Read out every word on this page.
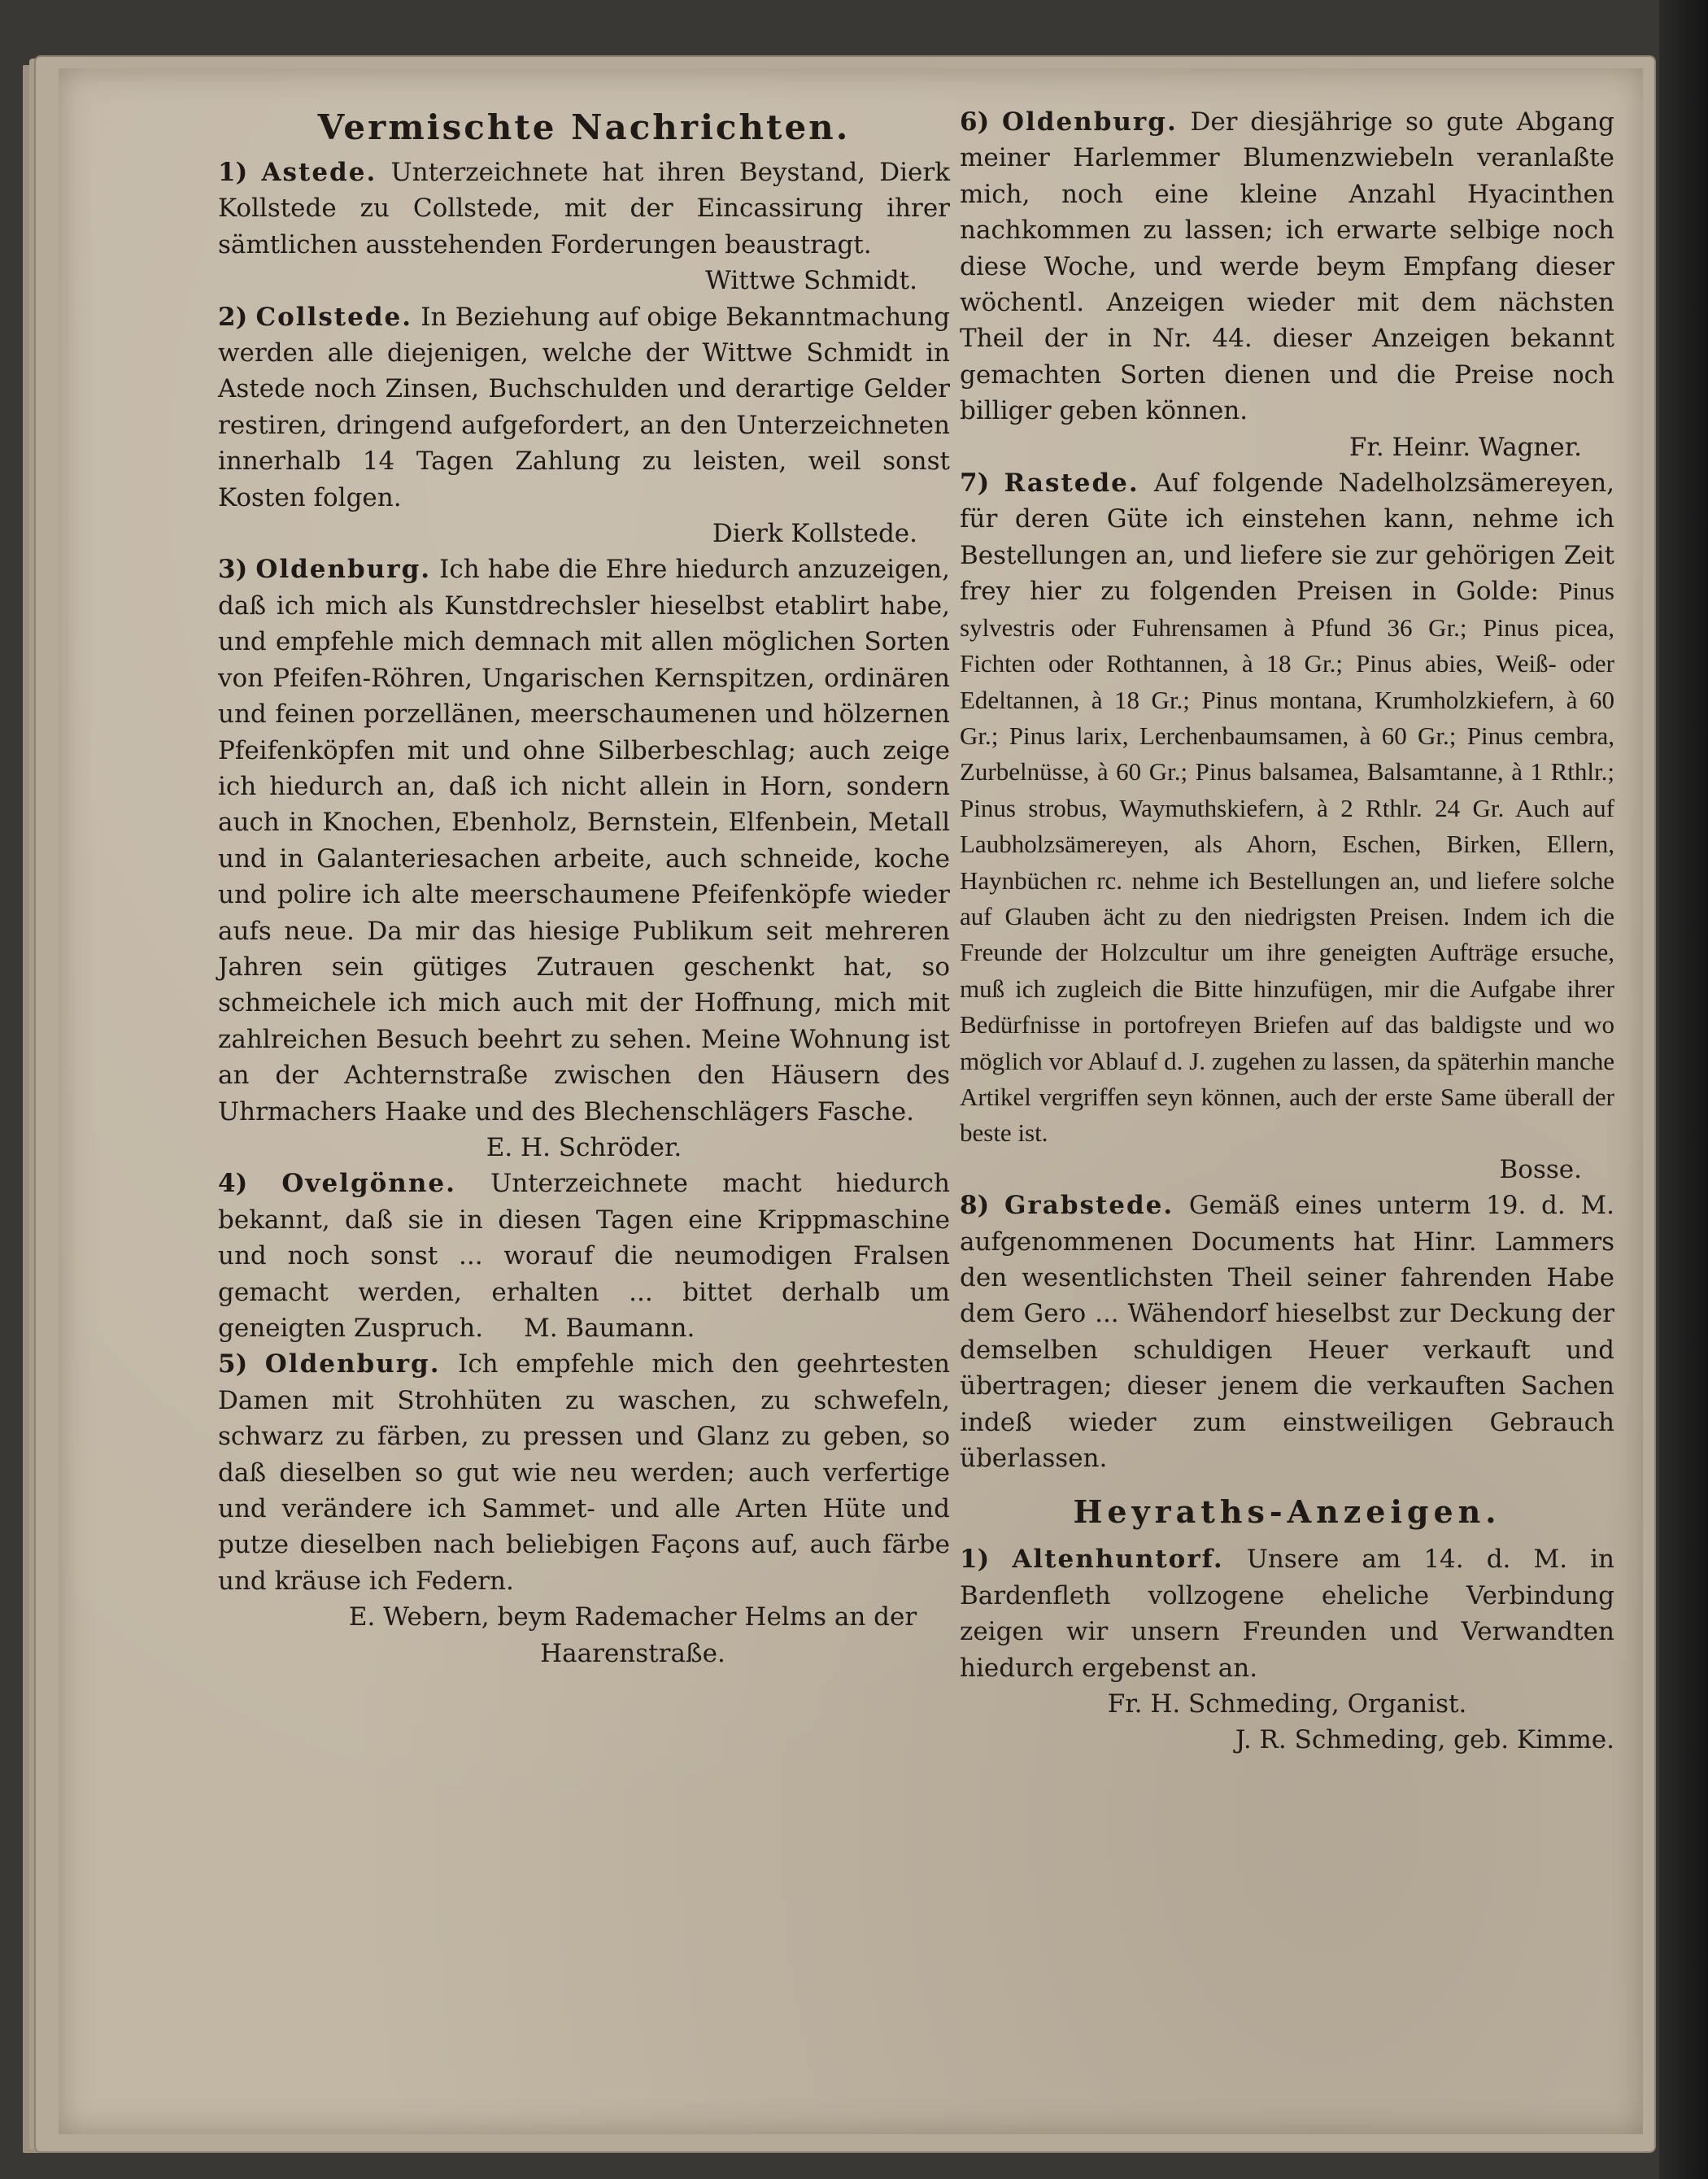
Vermischte Nachrichten.

1) Astede. Unterzeichnete hat ihren Beystand, Dierk Kollstede zu Collstede, mit der Eincassirung ihrer sämtlichen ausstehenden Forderungen beaustragt.

Wittwe Schmidt.

2) Collstede. In Beziehung auf obige Bekanntmachung werden alle diejenigen, welche der Wittwe Schmidt in Astede noch Zinsen, Buchschulden und derartige Gelder restiren, dringend aufgefordert, an den Unterzeichneten innerhalb 14 Tagen Zahlung zu leisten, weil sonst Kosten folgen.

Dierk Kollstede.

3) Oldenburg. Ich habe die Ehre hiedurch anzuzeigen, daß ich mich als Kunstdrechsler hieselbst etablirt habe, und empfehle mich demnach mit allen möglichen Sorten von Pfeifen-Röhren, Ungarischen Kernspitzen, ordinären und feinen porzellänen, meerschaumenen und hölzernen Pfeifenköpfen mit und ohne Silberbeschlag; auch zeige ich hiedurch an, daß ich nicht allein in Horn, sondern auch in Knochen, Ebenholz, Bernstein, Elfenbein, Metall und in Galanteriesachen arbeite, auch schneide, koche und polire ich alte meerschaumene Pfeifenköpfe wieder aufs neue. Da mir das hiesige Publikum seit mehreren Jahren sein gütiges Zutrauen geschenkt hat, so schmeichele ich mich auch mit der Hoffnung, mich mit zahlreichen Besuch beehrt zu sehen. Meine Wohnung ist an der Achternstraße zwischen den Häusern des Uhrmachers Haake und des Blechenschlägers Fasche.

E. H. Schröder.

4) Ovelgönne. Unterzeichnete macht hiedurch bekannt, daß sie in diesen Tagen eine Krippmaschine und noch sonst ... worauf die neumodigen Fralsen gemacht werden, erhalten ... bittet derhalb um geneigten Zuspruch. M. Baumann.

5) Oldenburg. Ich empfehle mich den geehrtesten Damen mit Strohhüten zu waschen, zu schwefeln, schwarz zu färben, zu pressen und Glanz zu geben, so daß dieselben so gut wie neu werden; auch verfertige und verändere ich Sammet- und alle Arten Hüte und putze dieselben nach beliebigen Façons auf, auch färbe und kräuse ich Federn.

E. Webern, beym Rademacher Helms an der Haarenstraße.

6) Oldenburg. Der diesjährige so gute Abgang meiner Harlemmer Blumenzwiebeln veranlaßte mich, noch eine kleine Anzahl Hyacinthen nachkommen zu lassen; ich erwarte selbige noch diese Woche, und werde beym Empfang dieser wöchentl. Anzeigen wieder mit dem nächsten Theil der in Nr. 44. dieser Anzeigen bekannt gemachten Sorten dienen und die Preise noch billiger geben können.

Fr. Heinr. Wagner.

7) Rastede. Auf folgende Nadelholzsämereyen, für deren Güte ich einstehen kann, nehme ich Bestellungen an, und liefere sie zur gehörigen Zeit frey hier zu folgenden Preisen in Golde: Pinus sylvestris oder Fuhrensamen à Pfund 36 Gr.; Pinus picea, Fichten oder Rothtannen, à 18 Gr.; Pinus abies, Weiß- oder Edeltannen, à 18 Gr.; Pinus montana, Krumholzkiefern, à 60 Gr.; Pinus larix, Lerchenbaumsamen, à 60 Gr.; Pinus cembra, Zurbelnüsse, à 60 Gr.; Pinus balsamea, Balsamtanne, à 1 Rthlr.; Pinus strobus, Waymuthskiefern, à 2 Rthlr. 24 Gr. Auch auf Laubholzsämereyen, als Ahorn, Eschen, Birken, Ellern, Haynbüchen rc. nehme ich Bestellungen an, und liefere solche auf Glauben ächt zu den niedrigsten Preisen. Indem ich die Freunde der Holzcultur um ihre geneigten Aufträge ersuche, muß ich zugleich die Bitte hinzufügen, mir die Aufgabe ihrer Bedürfnisse in portofreyen Briefen auf das baldigste und wo möglich vor Ablauf d. J. zugehen zu lassen, da späterhin manche Artikel vergriffen seyn können, auch der erste Same überall der beste ist.

Bosse.

8) Grabstede. Gemäß eines unterm 19. d. M. aufgenommenen Documents hat Hinr. Lammers den wesentlichsten Theil seiner fahrenden Habe dem Gero ... Wähendorf hieselbst zur Deckung der demselben schuldigen Heuer verkauft und übertragen; dieser jenem die verkauften Sachen indeß wieder zum einstweiligen Gebrauch überlassen.

Heyraths-Anzeigen.

1) Altenhuntorf. Unsere am 14. d. M. in Bardenfleth vollzogene eheliche Verbindung zeigen wir unsern Freunden und Verwandten hiedurch ergebenst an.

Fr. H. Schmeding, Organist.

J. R. Schmeding, geb. Kimme.
